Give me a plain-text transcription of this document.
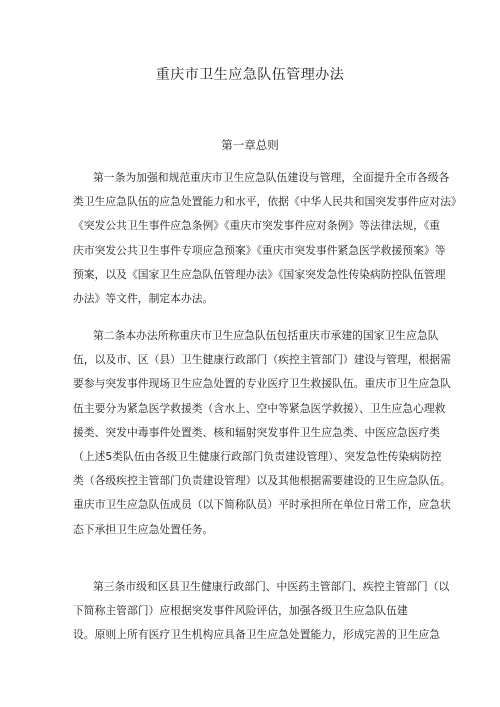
重庆市卫生应急队伍管理办法
第一章总则
第一条为加强和规范重庆市卫生应急队伍建设与管理，全面提升全市各级各
类卫生应急队伍的应急处置能力和水平，依据《中华人民共和国突发事件应对法》
《突发公共卫生事件应急条例》《重庆市突发事件应对条例》等法律法规，《重
庆市突发公共卫生事件专项应急预案》《重庆市突发事件紧急医学救援预案》等
预案，以及《国家卫生应急队伍管理办法》《国家突发急性传染病防控队伍管理
办法》等文件，制定本办法。
第二条本办法所称重庆市卫生应急队伍包括重庆市承建的国家卫生应急队
伍，以及市、区（县）卫生健康行政部门（疾控主管部门）建设与管理，根据需
要参与突发事件现场卫生应急处置的专业医疗卫生救援队伍。重庆市卫生应急队
伍主要分为紧急医学救援类（含水上、空中等紧急医学救援）、卫生应急心理救
援类、突发中毒事件处置类、核和辐射突发事件卫生应急类、中医应急医疗类
（上述5类队伍由各级卫生健康行政部门负责建设管理）、突发急性传染病防控
类（各级疾控主管部门负责建设管理）以及其他根据需要建设的卫生应急队伍。
重庆市卫生应急队伍成员（以下简称队员）平时承担所在单位日常工作，应急状
态下承担卫生应急处置任务。
第三条市级和区县卫生健康行政部门、中医药主管部门、疾控主管部门（以
下简称主管部门）应根据突发事件风险评估，加强各级卫生应急队伍建
设。原则上所有医疗卫生机构应具备卫生应急处置能力，形成完善的卫生应急
